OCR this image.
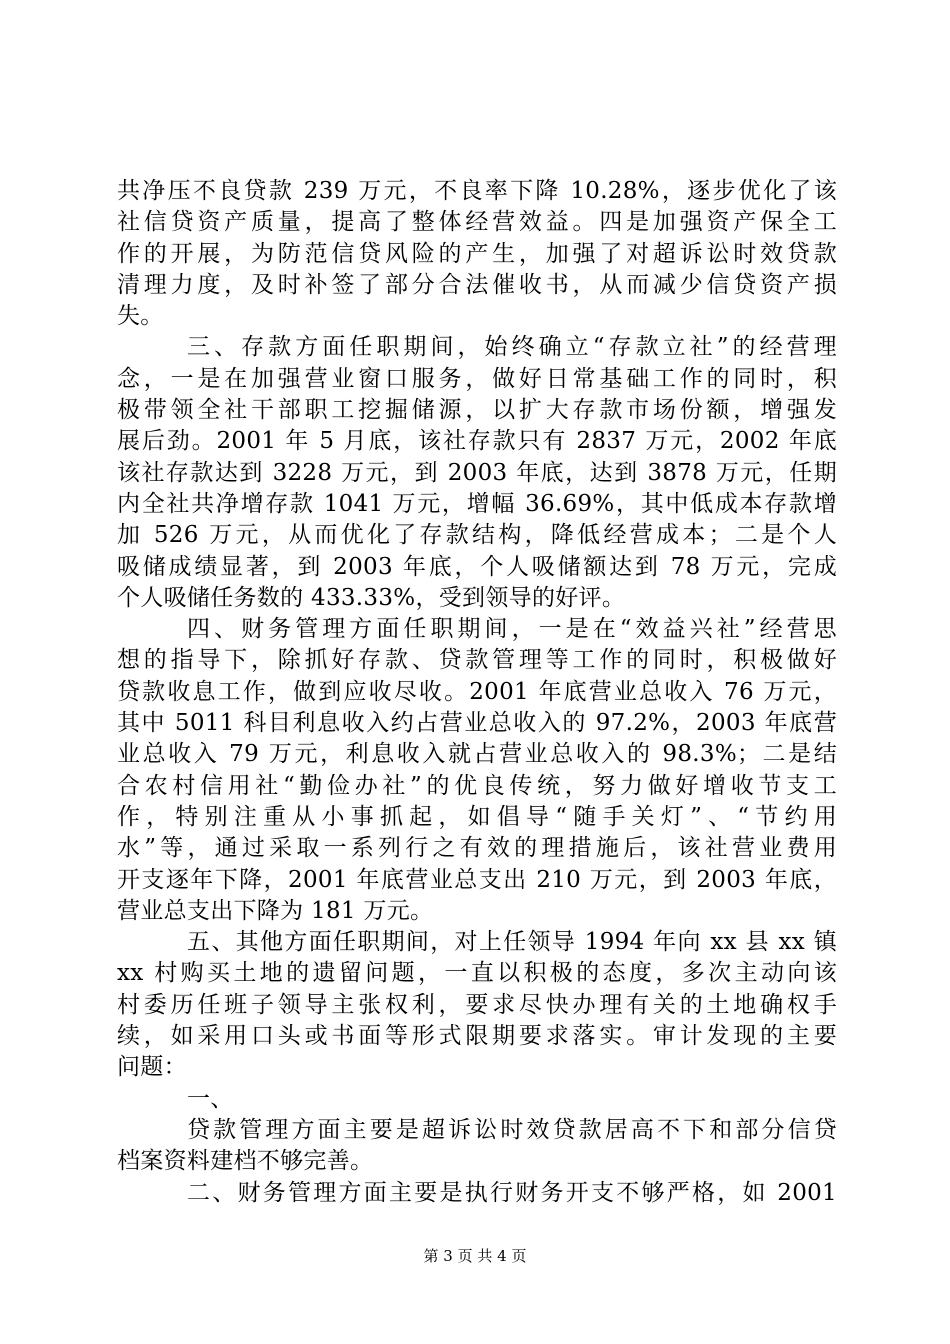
共净压不良贷款 239 万元，不良率下降 10.28%，逐步优化了该
社信贷资产质量，提高了整体经营效益。四是加强资产保全工
作的开展，为防范信贷风险的产生，加强了对超诉讼时效贷款
清理力度，及时补签了部分合法催收书，从而减少信贷资产损
失。
三、存款方面任职期间，始终确立“存款立社”的经营理
念，一是在加强营业窗口服务，做好日常基础工作的同时，积
极带领全社干部职工挖掘储源，以扩大存款市场份额，增强发
展后劲。2001 年 5 月底，该社存款只有 2837 万元，2002 年底
该社存款达到 3228 万元，到 2003 年底，达到 3878 万元，任期
内全社共净增存款 1041 万元，增幅 36.69%，其中低成本存款增
加 526 万元，从而优化了存款结构，降低经营成本；二是个人
吸储成绩显著，到 2003 年底，个人吸储额达到 78 万元，完成
个人吸储任务数的 433.33%，受到领导的好评。
四、财务管理方面任职期间，一是在“效益兴社”经营思
想的指导下，除抓好存款、贷款管理等工作的同时，积极做好
贷款收息工作，做到应收尽收。2001 年底营业总收入 76 万元，
其中 5011 科目利息收入约占营业总收入的 97.2%，2003 年底营
业总收入 79 万元，利息收入就占营业总收入的 98.3%；二是结
合农村信用社“勤俭办社”的优良传统，努力做好增收节支工
作，特别注重从小事抓起，如倡导“随手关灯”、“节约用
水”等，通过采取一系列行之有效的理措施后，该社营业费用
开支逐年下降，2001 年底营业总支出 210 万元，到 2003 年底，
营业总支出下降为 181 万元。
五、其他方面任职期间，对上任领导 1994 年向 xx 县 xx 镇
xx 村购买土地的遗留问题，一直以积极的态度，多次主动向该
村委历任班子领导主张权利，要求尽快办理有关的土地确权手
续，如采用口头或书面等形式限期要求落实。审计发现的主要
问题：
一、
贷款管理方面主要是超诉讼时效贷款居高不下和部分信贷
档案资料建档不够完善。
二、财务管理方面主要是执行财务开支不够严格，如 2001
第 3 页 共 4 页
